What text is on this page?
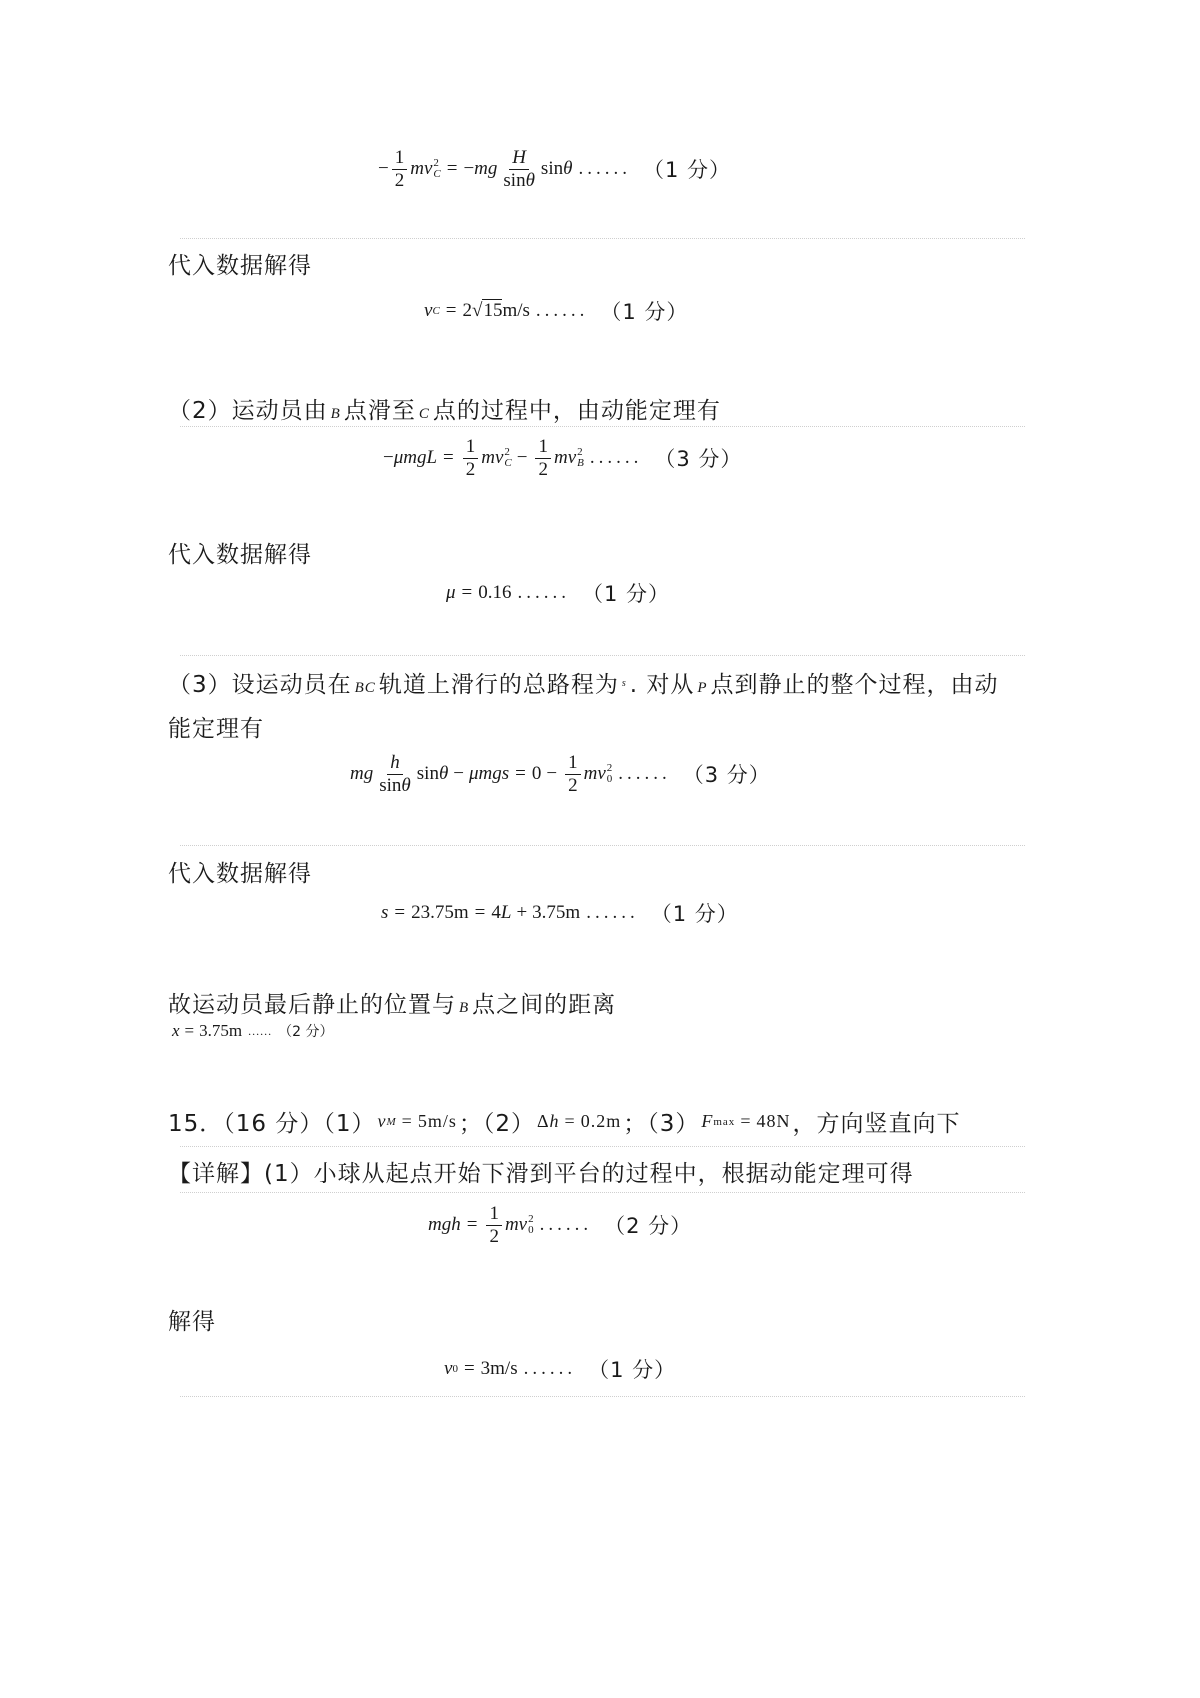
− $\frac{1}{2}$ mv 2
C = − mg $\frac{H}{\sin\theta}$ sinθ ...... （1 分）
代入数据解得
v C = 2√15m/s ...... （1 分）
（2）运动员由 B 点滑至 C 点的过程中，由动能定理有
− $\mu mgL = \frac{1}{2}$ mv 2
$C - \frac{1}{2}$ mv 2
B ...... （3 分）
代入数据解得
μ = 0.16 ...... （1 分）
（3）设运动员在 BC 轨道上滑行的总路程为 $^s$ . 对从 P 点到静止的整个过程，由动
能定理有
mg $\frac{h}{\sin\theta}$ $\sin\theta - \mu mgs = 0 - \frac{1}{2}$ mv 2
0 ...... （3 分）
代入数据解得
s = 23.75m = 4 L + 3.75m ...... （1 分）
故运动员最后静止的位置与 B 点之间的距离
x = 3.75m ...... （2 分）
15．（16 分）（1） v M = 5m/s ；（2） Δ h = 0.2m ；（3） F max = 48N ，方向竖直向下
【详解】(1）小球从起点开始下滑到平台的过程中，根据动能定理可得
mgh = $\frac{1}{2}$ mv 2
0 ...... （2 分）
解得
v 0 = 3m/s ...... （1 分）
